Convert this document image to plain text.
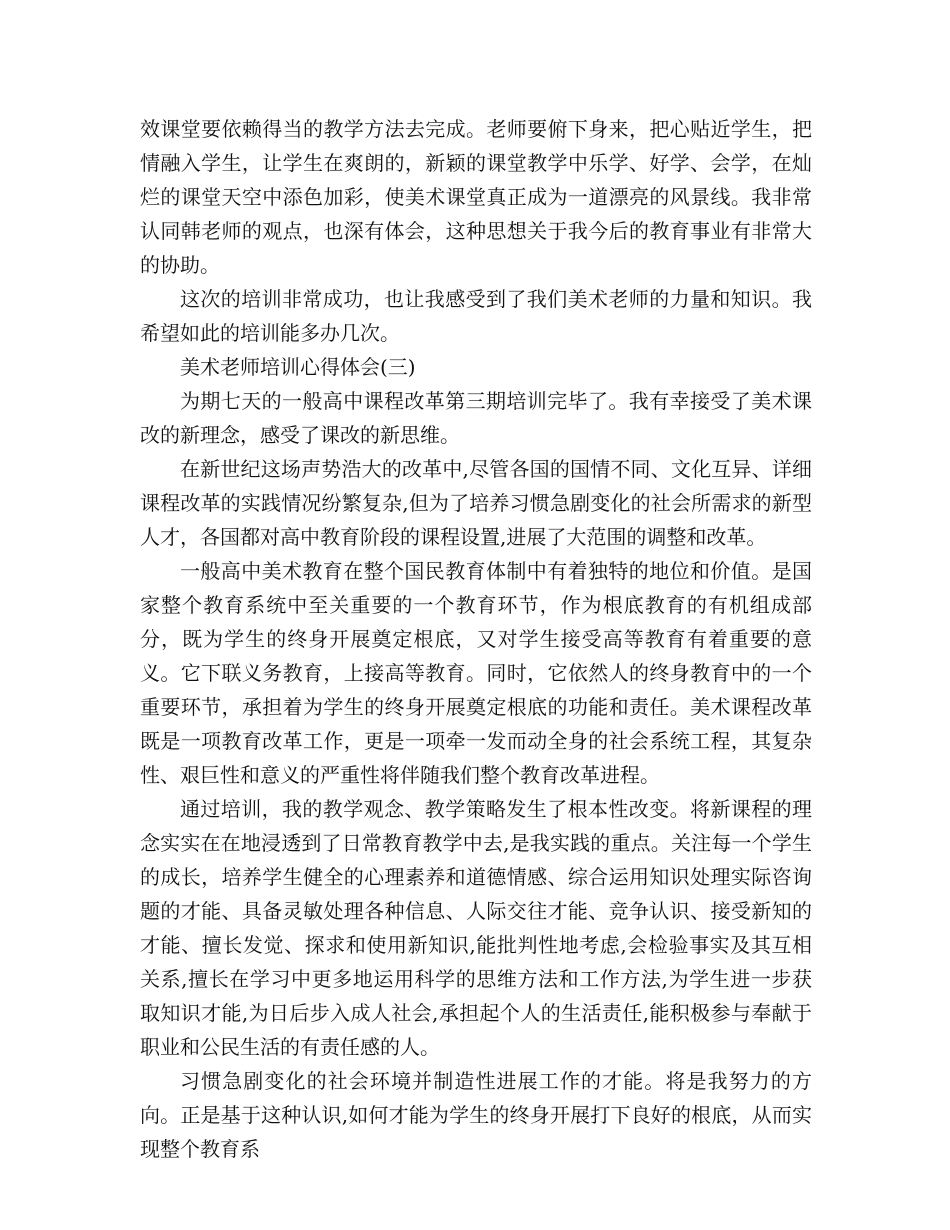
效课堂要依赖得当的教学方法去完成。老师要俯下身来，把心贴近学生，把情融入学生，让学生在爽朗的，新颖的课堂教学中乐学、好学、会学，在灿烂的课堂天空中添色加彩，使美术课堂真正成为一道漂亮的风景线。我非常认同韩老师的观点，也深有体会，这种思想关于我今后的教育事业有非常大的协助。

这次的培训非常成功，也让我感受到了我们美术老师的力量和知识。我希望如此的培训能多办几次。

美术老师培训心得体会(三)

为期七天的一般高中课程改革第三期培训完毕了。我有幸接受了美术课改的新理念，感受了课改的新思维。

在新世纪这场声势浩大的改革中,尽管各国的国情不同、文化互异、详细课程改革的实践情况纷繁复杂,但为了培养习惯急剧变化的社会所需求的新型人才，各国都对高中教育阶段的课程设置,进展了大范围的调整和改革。

一般高中美术教育在整个国民教育体制中有着独特的地位和价值。是国家整个教育系统中至关重要的一个教育环节，作为根底教育的有机组成部分，既为学生的终身开展奠定根底，又对学生接受高等教育有着重要的意义。它下联义务教育，上接高等教育。同时，它依然人的终身教育中的一个重要环节，承担着为学生的终身开展奠定根底的功能和责任。美术课程改革既是一项教育改革工作，更是一项牵一发而动全身的社会系统工程，其复杂性、艰巨性和意义的严重性将伴随我们整个教育改革进程。

通过培训，我的教学观念、教学策略发生了根本性改变。将新课程的理念实实在在地浸透到了日常教育教学中去,是我实践的重点。关注每一个学生的成长，培养学生健全的心理素养和道德情感、综合运用知识处理实际咨询题的才能、具备灵敏处理各种信息、人际交往才能、竞争认识、接受新知的才能、擅长发觉、探求和使用新知识,能批判性地考虑,会检验事实及其互相关系,擅长在学习中更多地运用科学的思维方法和工作方法,为学生进一步获取知识才能,为日后步入成人社会,承担起个人的生活责任,能积极参与奉献于职业和公民生活的有责任感的人。

习惯急剧变化的社会环境并制造性进展工作的才能。将是我努力的方向。正是基于这种认识,如何才能为学生的终身开展打下良好的根底，从而实现整个教育系
